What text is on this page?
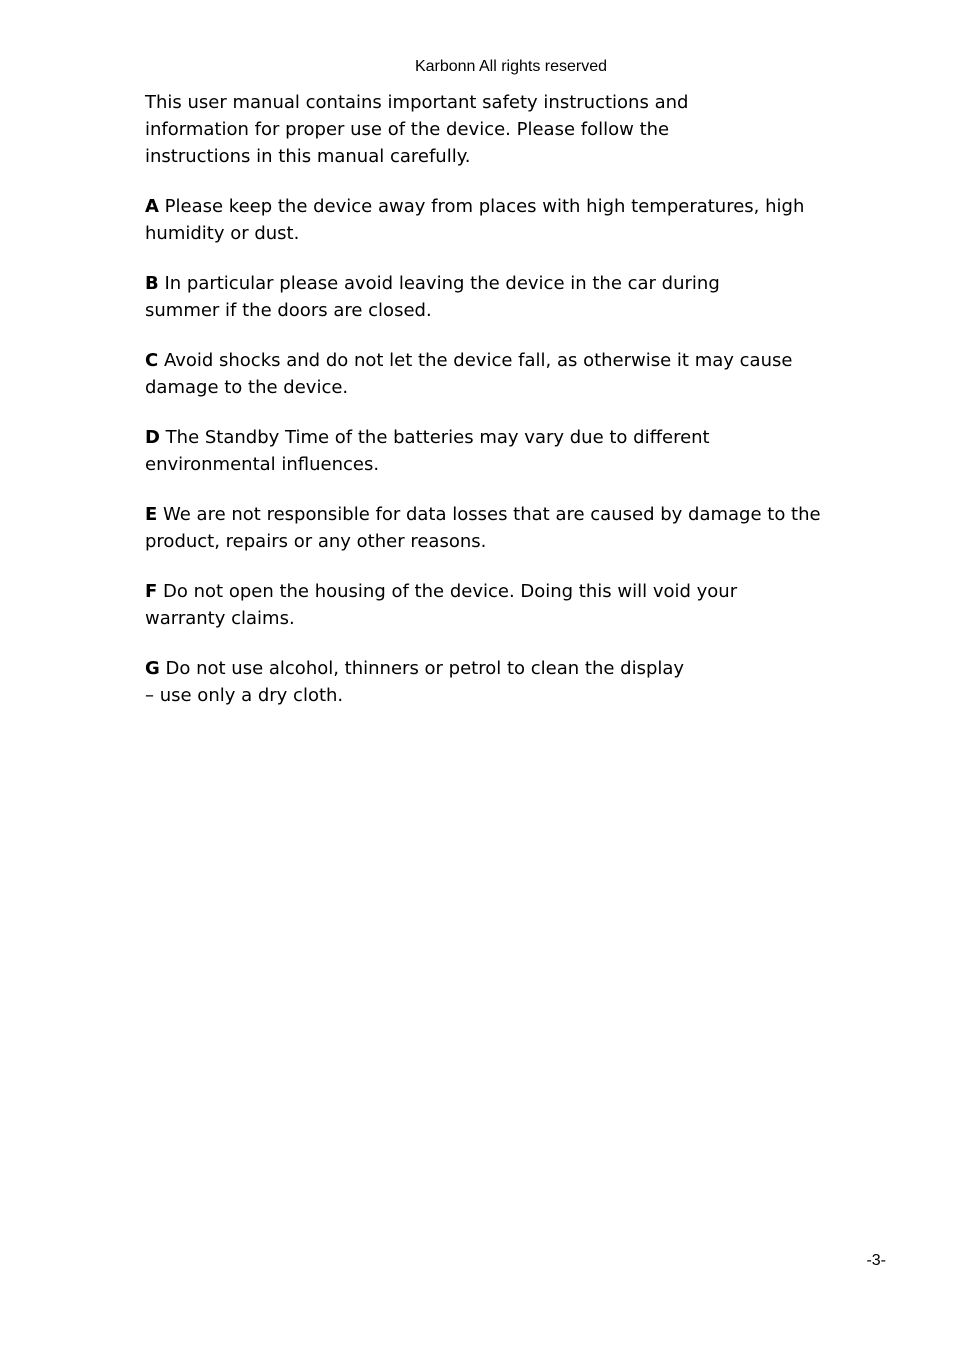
Karbonn All rights reserved

This user manual contains important safety instructions and
information for proper use of the device. Please follow the
instructions in this manual carefully.

A Please keep the device away from places with high temperatures, high
humidity or dust.

B In particular please avoid leaving the device in the car during
summer if the doors are closed.

C Avoid shocks and do not let the device fall, as otherwise it may cause
damage to the device.

D The Standby Time of the batteries may vary due to different
environmental influences.

E We are not responsible for data losses that are caused by damage to the
product, repairs or any other reasons.

F Do not open the housing of the device. Doing this will void your
warranty claims.

G Do not use alcohol, thinners or petrol to clean the display
– use only a dry cloth.

-3-
